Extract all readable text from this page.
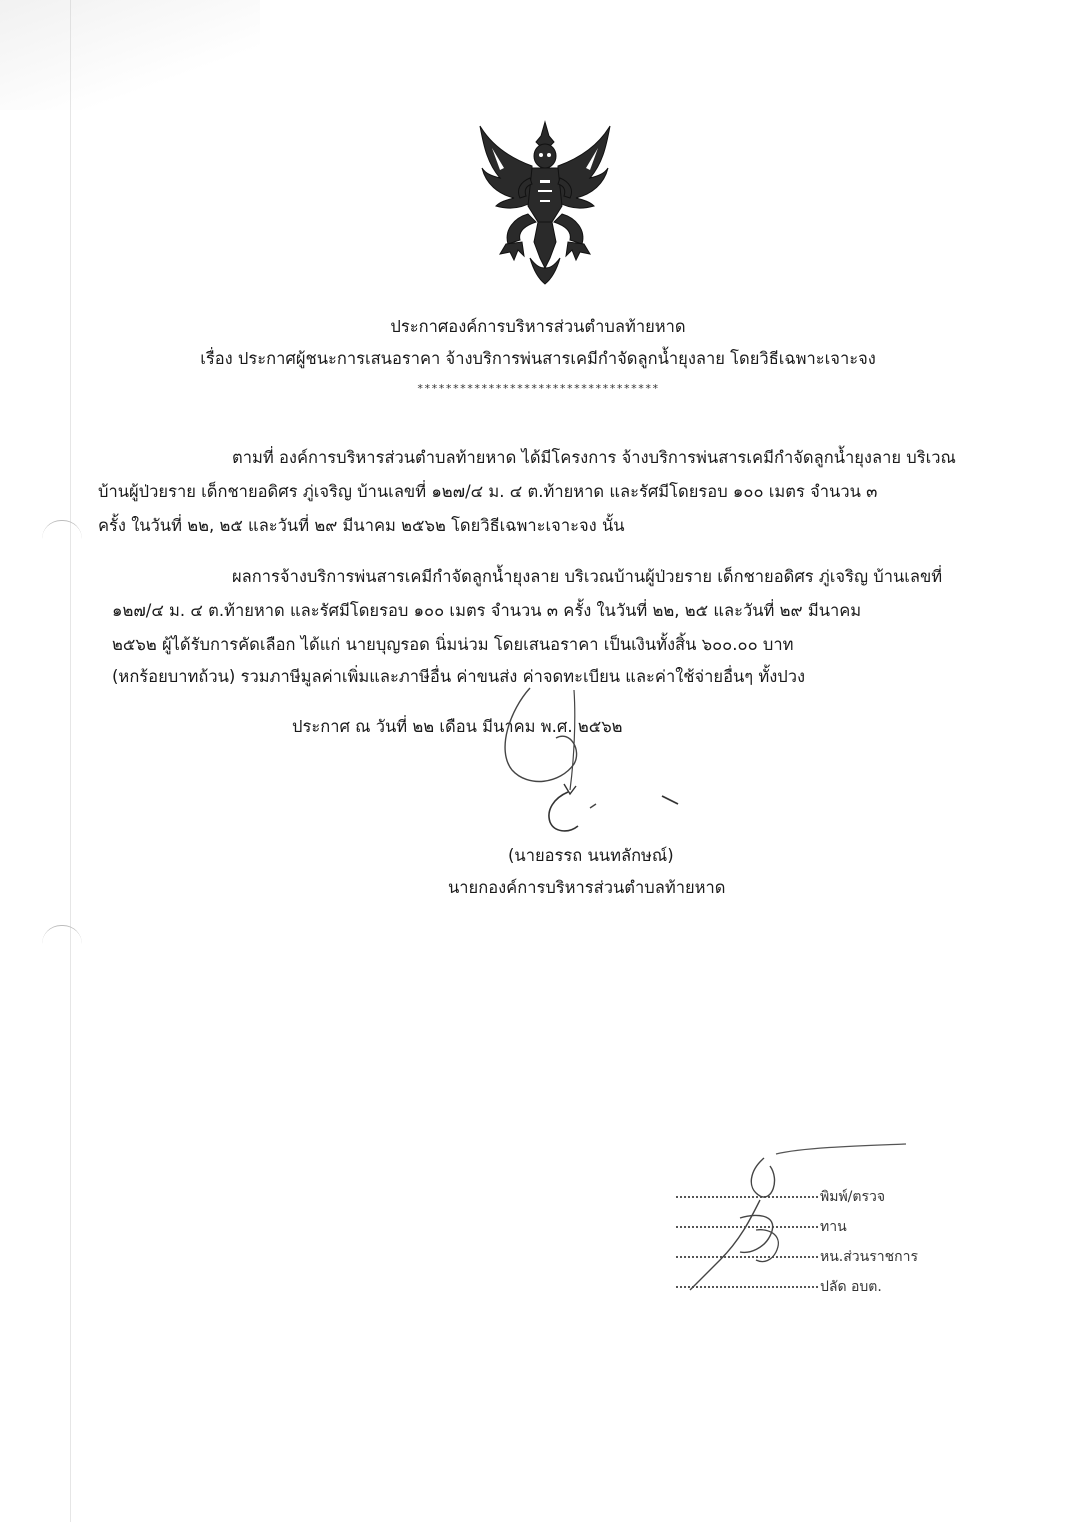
ประกาศองค์การบริหารส่วนตำบลท้ายหาด
เรื่อง ประกาศผู้ชนะการเสนอราคา จ้างบริการพ่นสารเคมีกำจัดลูกน้ำยุงลาย โดยวิธีเฉพาะเจาะจง
**********************************
ตามที่ องค์การบริหารส่วนตำบลท้ายหาด ได้มีโครงการ จ้างบริการพ่นสารเคมีกำจัดลูกน้ำยุงลาย บริเวณ
บ้านผู้ป่วยราย เด็กชายอดิศร ภู่เจริญ บ้านเลขที่ ๑๒๗/๔ ม. ๔ ต.ท้ายหาด และรัศมีโดยรอบ ๑๐๐ เมตร จำนวน ๓
ครั้ง ในวันที่ ๒๒, ๒๕ และวันที่ ๒๙ มีนาคม ๒๕๖๒ โดยวิธีเฉพาะเจาะจง นั้น
ผลการจ้างบริการพ่นสารเคมีกำจัดลูกน้ำยุงลาย บริเวณบ้านผู้ป่วยราย เด็กชายอดิศร ภู่เจริญ บ้านเลขที่
๑๒๗/๔ ม. ๔ ต.ท้ายหาด และรัศมีโดยรอบ ๑๐๐ เมตร จำนวน ๓ ครั้ง ในวันที่ ๒๒, ๒๕ และวันที่ ๒๙ มีนาคม
๒๕๖๒ ผู้ได้รับการคัดเลือก ได้แก่ นายบุญรอด นิ่มน่วม โดยเสนอราคา เป็นเงินทั้งสิ้น ๖๐๐.๐๐ บาท
(หกร้อยบาทถ้วน) รวมภาษีมูลค่าเพิ่มและภาษีอื่น ค่าขนส่ง ค่าจดทะเบียน และค่าใช้จ่ายอื่นๆ ทั้งปวง
ประกาศ ณ วันที่ ๒๒ เดือน มีนาคม พ.ศ. ๒๕๖๒
(นายอรรถ นนทลักษณ์)
นายกองค์การบริหารส่วนตำบลท้ายหาด
พิมพ์/ตรวจ
ทาน
หน.ส่วนราชการ
ปลัด อบต.
